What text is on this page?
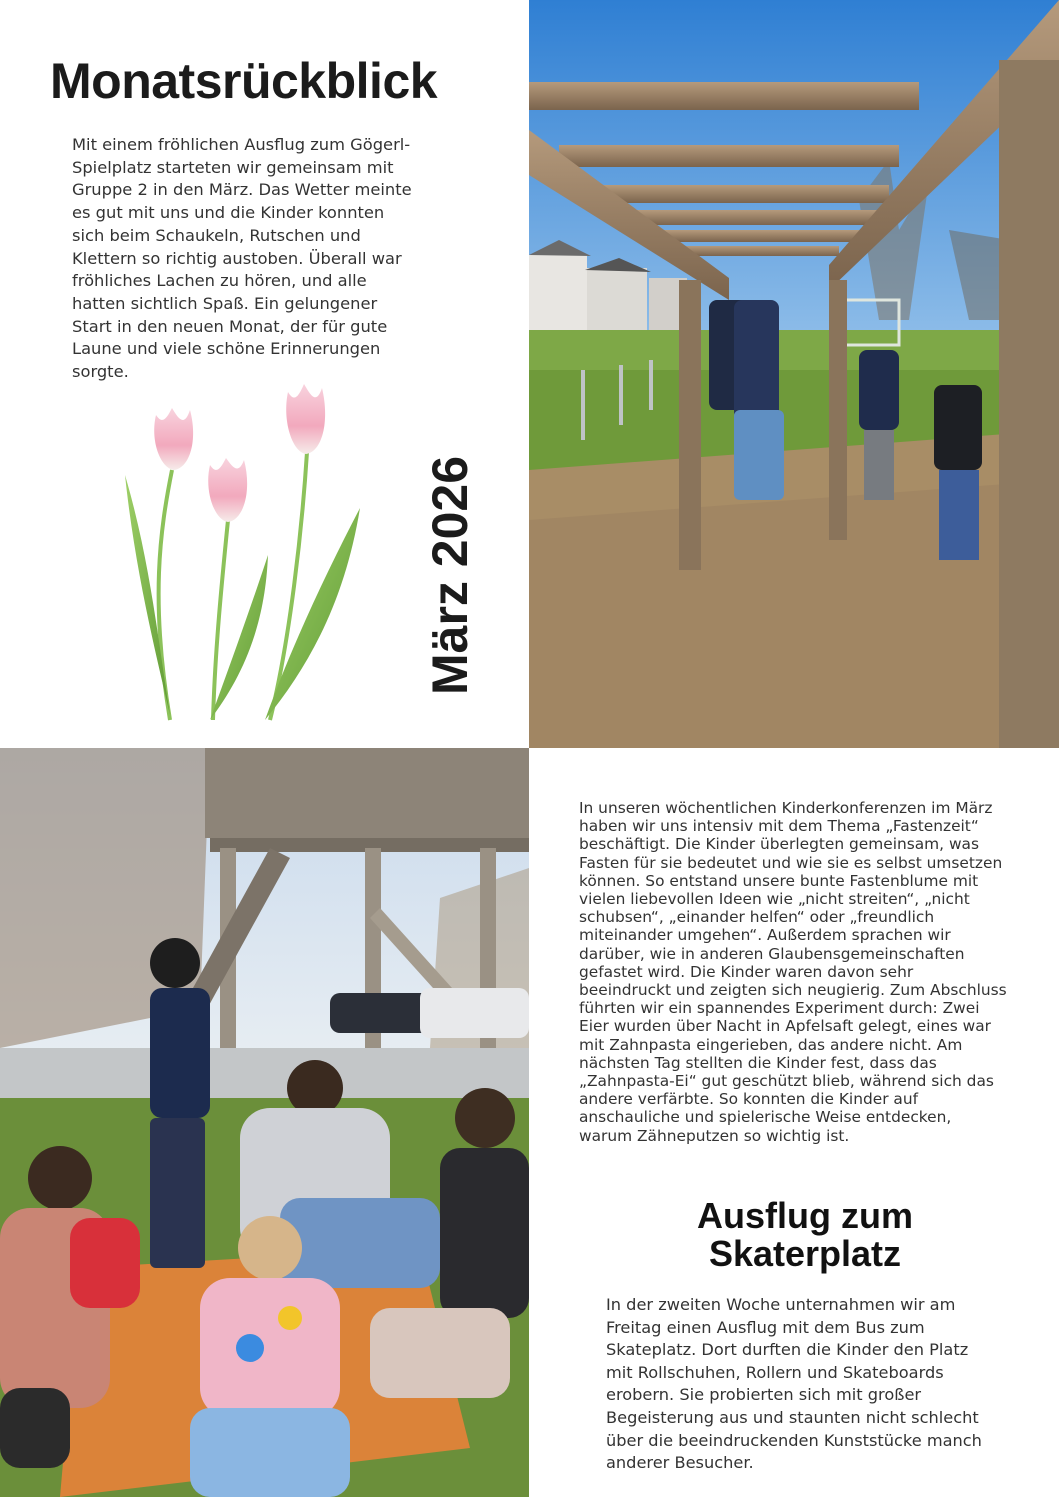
Monatsrückblick

Mit einem fröhlichen Ausflug zum Gögerl-Spielplatz starteten wir gemeinsam mit Gruppe 2 in den März. Das Wetter meinte es gut mit uns und die Kinder konnten sich beim Schaukeln, Rutschen und Klettern so richtig austoben. Überall war fröhliches Lachen zu hören, und alle hatten sichtlich Spaß. Ein gelungener Start in den neuen Monat, der für gute Laune und viele schöne Erinnerungen sorgte.

März 2026

In unseren wöchentlichen Kinderkonferenzen im März haben wir uns intensiv mit dem Thema „Fastenzeit“ beschäftigt. Die Kinder überlegten gemeinsam, was Fasten für sie bedeutet und wie sie es selbst umsetzen können. So entstand unsere bunte Fastenblume mit vielen liebevollen Ideen wie „nicht streiten“, „nicht schubsen“, „einander helfen“ oder „freundlich miteinander umgehen“. Außerdem sprachen wir darüber, wie in anderen Glaubensgemeinschaften gefastet wird. Die Kinder waren davon sehr beeindruckt und zeigten sich neugierig. Zum Abschluss führten wir ein spannendes Experiment durch: Zwei Eier wurden über Nacht in Apfelsaft gelegt, eines war mit Zahnpasta eingerieben, das andere nicht. Am nächsten Tag stellten die Kinder fest, dass das „Zahnpasta-Ei“ gut geschützt blieb, während sich das andere verfärbte. So konnten die Kinder auf anschauliche und spielerische Weise entdecken, warum Zähneputzen so wichtig ist.

Ausflug zum Skaterplatz

In der zweiten Woche unternahmen wir am Freitag einen Ausflug mit dem Bus zum Skateplatz. Dort durften die Kinder den Platz mit Rollschuhen, Rollern und Skateboards erobern. Sie probierten sich mit großer Begeisterung aus und staunten nicht schlecht über die beeindruckenden Kunststücke manch anderer Besucher.
